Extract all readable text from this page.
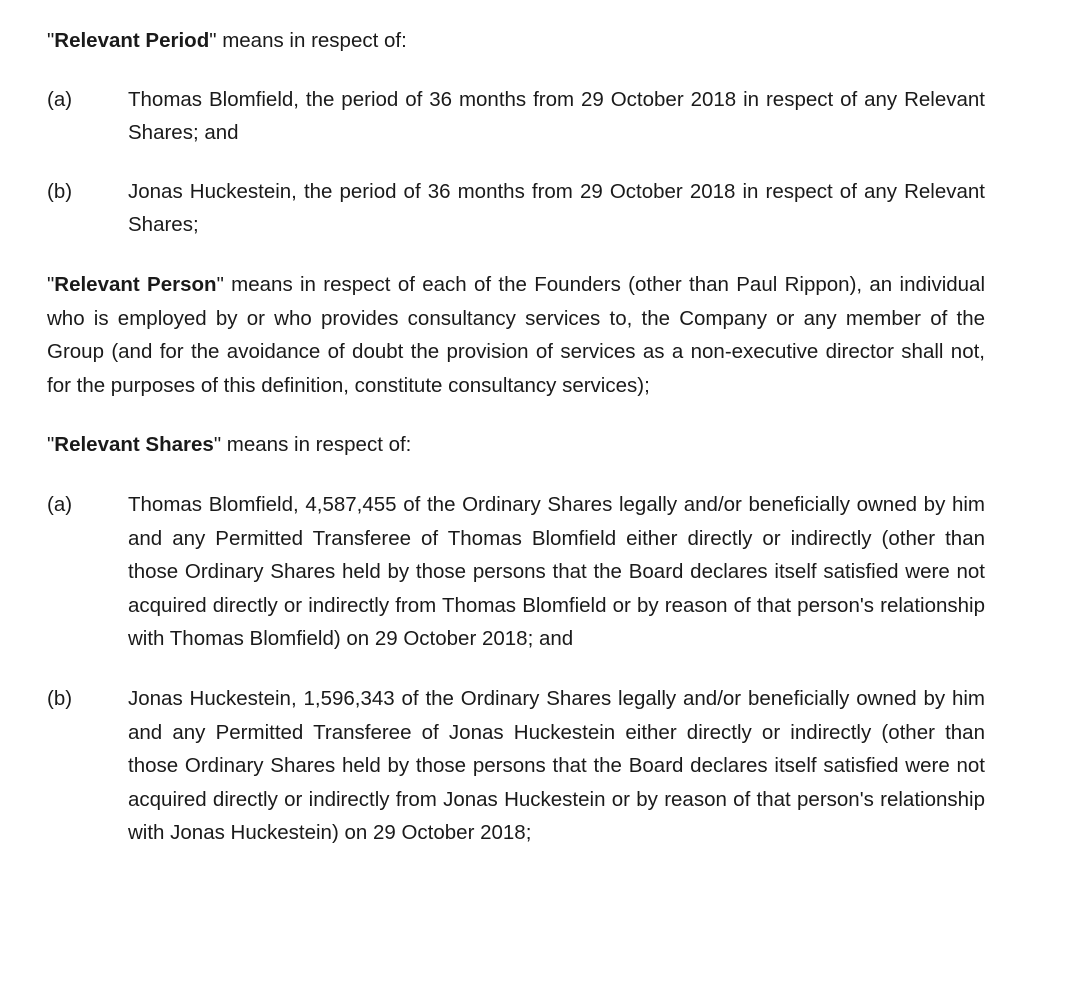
"Relevant Period" means in respect of:

(a)	Thomas Blomfield, the period of 36 months from 29 October 2018 in respect of any Relevant Shares; and
(b)	Jonas Huckestein, the period of 36 months from 29 October 2018 in respect of any Relevant Shares;

"Relevant Person" means in respect of each of the Founders (other than Paul Rippon), an individual who is employed by or who provides consultancy services to, the Company or any member of the Group (and for the avoidance of doubt the provision of services as a non-executive director shall not, for the purposes of this definition, constitute consultancy services);

"Relevant Shares" means in respect of:

(a)	Thomas Blomfield, 4,587,455 of the Ordinary Shares legally and/or beneficially owned by him and any Permitted Transferee of Thomas Blomfield either directly or indirectly (other than those Ordinary Shares held by those persons that the Board declares itself satisfied were not acquired directly or indirectly from Thomas Blomfield or by reason of that person's relationship with Thomas Blomfield) on 29 October 2018; and
(b)	Jonas Huckestein, 1,596,343 of the Ordinary Shares legally and/or beneficially owned by him and any Permitted Transferee of Jonas Huckestein either directly or indirectly (other than those Ordinary Shares held by those persons that the Board declares itself satisfied were not acquired directly or indirectly from Jonas Huckestein or by reason of that person's relationship with Jonas Huckestein) on 29 October 2018;
